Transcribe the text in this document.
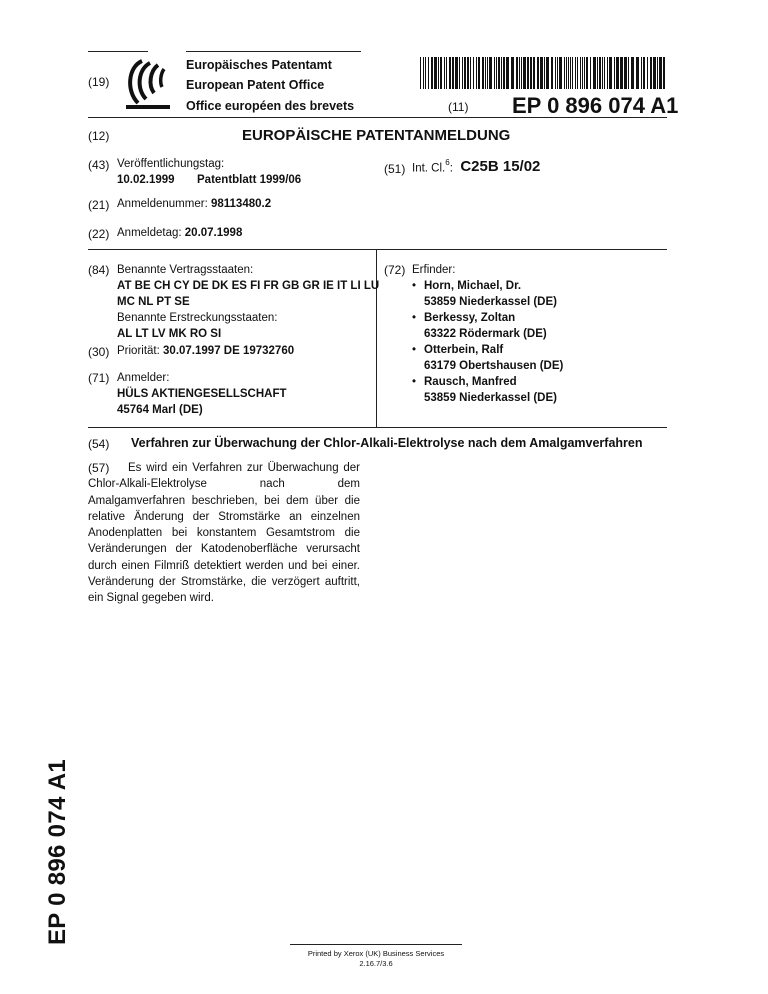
(19)
Europäisches Patentamt
European Patent Office
Office européen des brevets	(11) EP 0 896 074 A1
(12)	EUROPÄISCHE PATENTANMELDUNG
(43) Veröffentlichungstag:
10.02.1999 Patentblatt 1999/06
(51) Int. Cl.$^6$: C25B 15/02
(21) Anmeldenummer: 98113480.2
(22) Anmeldetag: 20.07.1998
(84) Benannte Vertragsstaaten:
AT BE CH CY DE DK ES FI FR GB GR IE IT LI LU
MC NL PT SE
Benannte Erstreckungsstaaten:
AL LT LV MK RO SI
(30) Priorität: 30.07.1997 DE 19732760
(71) Anmelder:
HÜLS AKTIENGESELLSCHAFT
45764 Marl (DE)
(72) Erfinder:
• Horn, Michael, Dr.
53859 Niederkassel (DE)
• Berkessy, Zoltan
63322 Rödermark (DE)
• Otterbein, Ralf
63179 Obertshausen (DE)
• Rausch, Manfred
53859 Niederkassel (DE)
(54) Verfahren zur Überwachung der Chlor-Alkali-Elektrolyse nach dem Amalgamverfahren
(57)	Es wird ein Verfahren zur Überwachung der Chlor-Alkali-Elektrolyse nach dem Amalgamverfahren beschrieben, bei dem über die relative Änderung der Stromstärke an einzelnen Anodenplatten bei konstantem Gesamtstrom die Veränderungen der Katodenoberfläche verursacht durch einen Filmriß detektiert werden und bei einer. Veränderung der Stromstärke, die verzögert auftritt, ein Signal gegeben wird.
EP 0 896 074 A1
Printed by Xerox (UK) Business Services
2.16.7/3.6
